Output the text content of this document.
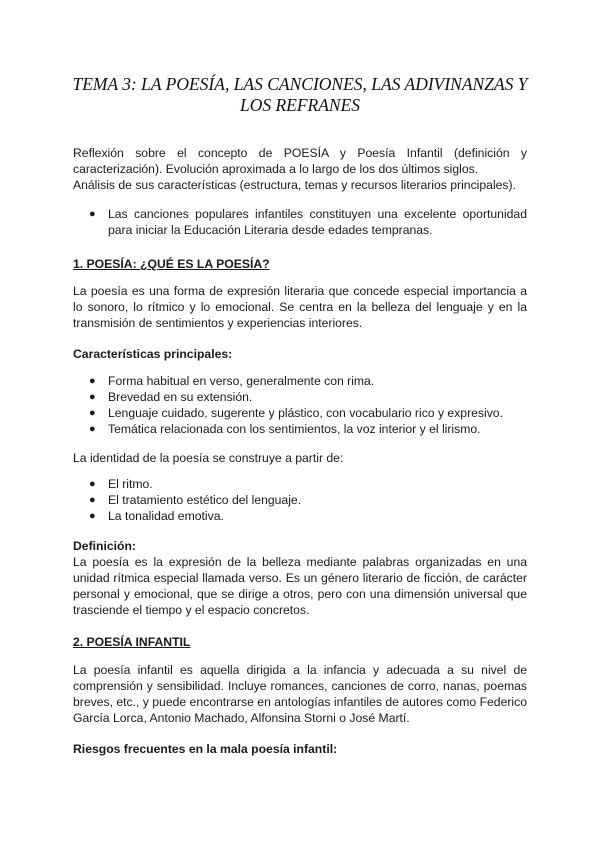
TEMA 3: LA POESÍA, LAS CANCIONES, LAS ADIVINANZAS Y
LOS REFRANES
Reflexión sobre el concepto de POESÍA y Poesía Infantil (definición y caracterización). Evolución aproximada a lo largo de los dos últimos siglos.
Análisis de sus características (estructura, temas y recursos literarios principales).
● Las canciones populares infantiles constituyen una excelente oportunidad para iniciar la Educación Literaria desde edades tempranas.
1. POESÍA: ¿QUÉ ES LA POESÍA?
La poesía es una forma de expresión literaria que concede especial importancia a lo sonoro, lo rítmico y lo emocional. Se centra en la belleza del lenguaje y en la transmisión de sentimientos y experiencias interiores.
Características principales:
● Forma habitual en verso, generalmente con rima.
● Brevedad en su extensión.
● Lenguaje cuidado, sugerente y plástico, con vocabulario rico y expresivo.
● Temática relacionada con los sentimientos, la voz interior y el lirismo.
La identidad de la poesía se construye a partir de:
● El ritmo.
● El tratamiento estético del lenguaje.
● La tonalidad emotiva.
Definición:
La poesía es la expresión de la belleza mediante palabras organizadas en una unidad rítmica especial llamada verso. Es un género literario de ficción, de carácter personal y emocional, que se dirige a otros, pero con una dimensión universal que trasciende el tiempo y el espacio concretos.
2. POESÍA INFANTIL
La poesía infantil es aquella dirigida a la infancia y adecuada a su nivel de comprensión y sensibilidad. Incluye romances, canciones de corro, nanas, poemas breves, etc., y puede encontrarse en antologías infantiles de autores como Federico García Lorca, Antonio Machado, Alfonsina Storni o José Martí.
Riesgos frecuentes en la mala poesía infantil:
